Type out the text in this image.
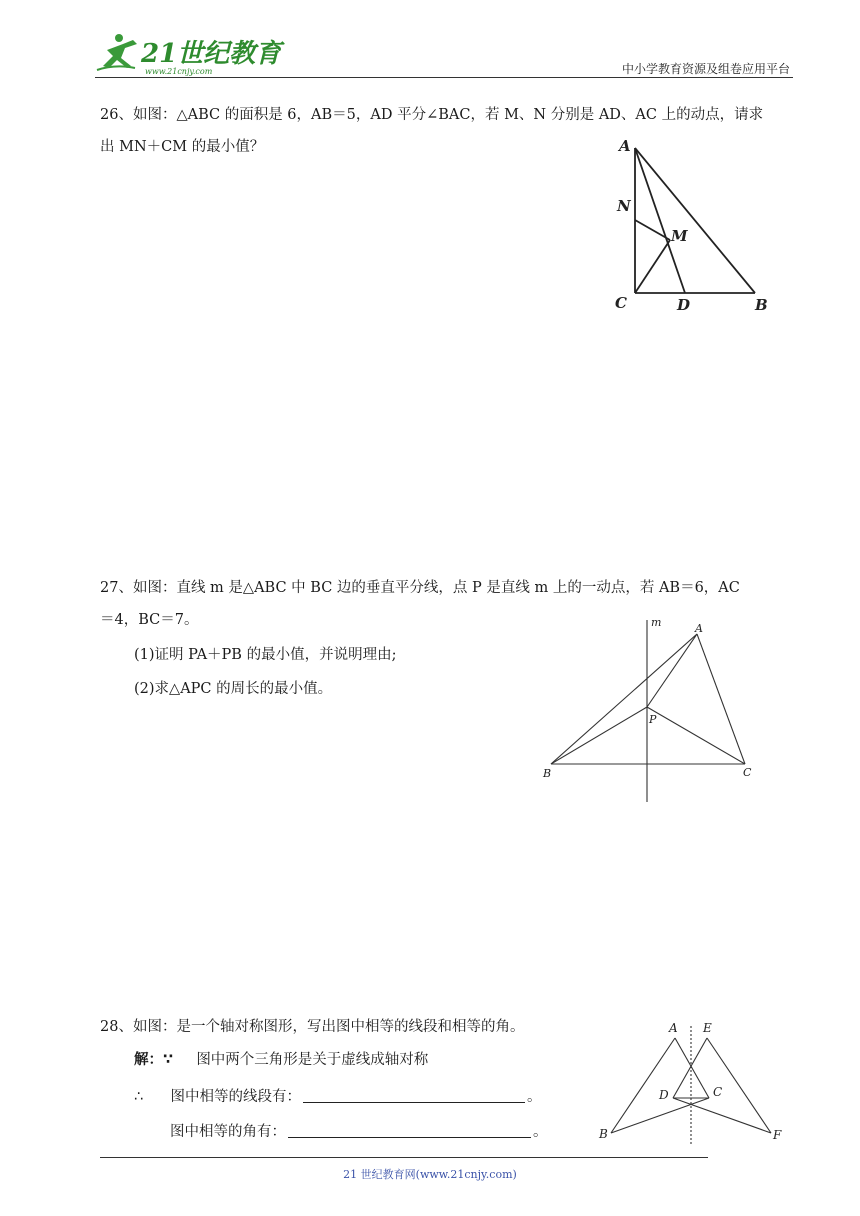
21世纪教育
www.21cnjy.com	中小学教育资源及组卷应用平台
26、如图：△ABC 的面积是 6，AB＝5，AD 平分∠BAC，若 M、N 分别是 AD、AC 上的动点，请求
出 MN＋CM 的最小值？	A
N
M
C	D	B
27、如图：直线 m 是△ABC 中 BC 边的垂直平分线，点 P 是直线 m 上的一动点，若 AB＝6，AC
＝4，BC＝7。
(1)证明 PA＋PB 的最小值，并说明理由;
(2)求△APC 的周长的最小值。
m	A
P
B	C
28、如图：是一个轴对称图形，写出图中相等的线段和相等的角。
解：∵ 图中两个三角形是关于虚线成轴对称
∴ 图中相等的线段有：	。
图中相等的角有：	。
A E
D	C
B	F
21 世纪教育网(www.21cnjy.com)
